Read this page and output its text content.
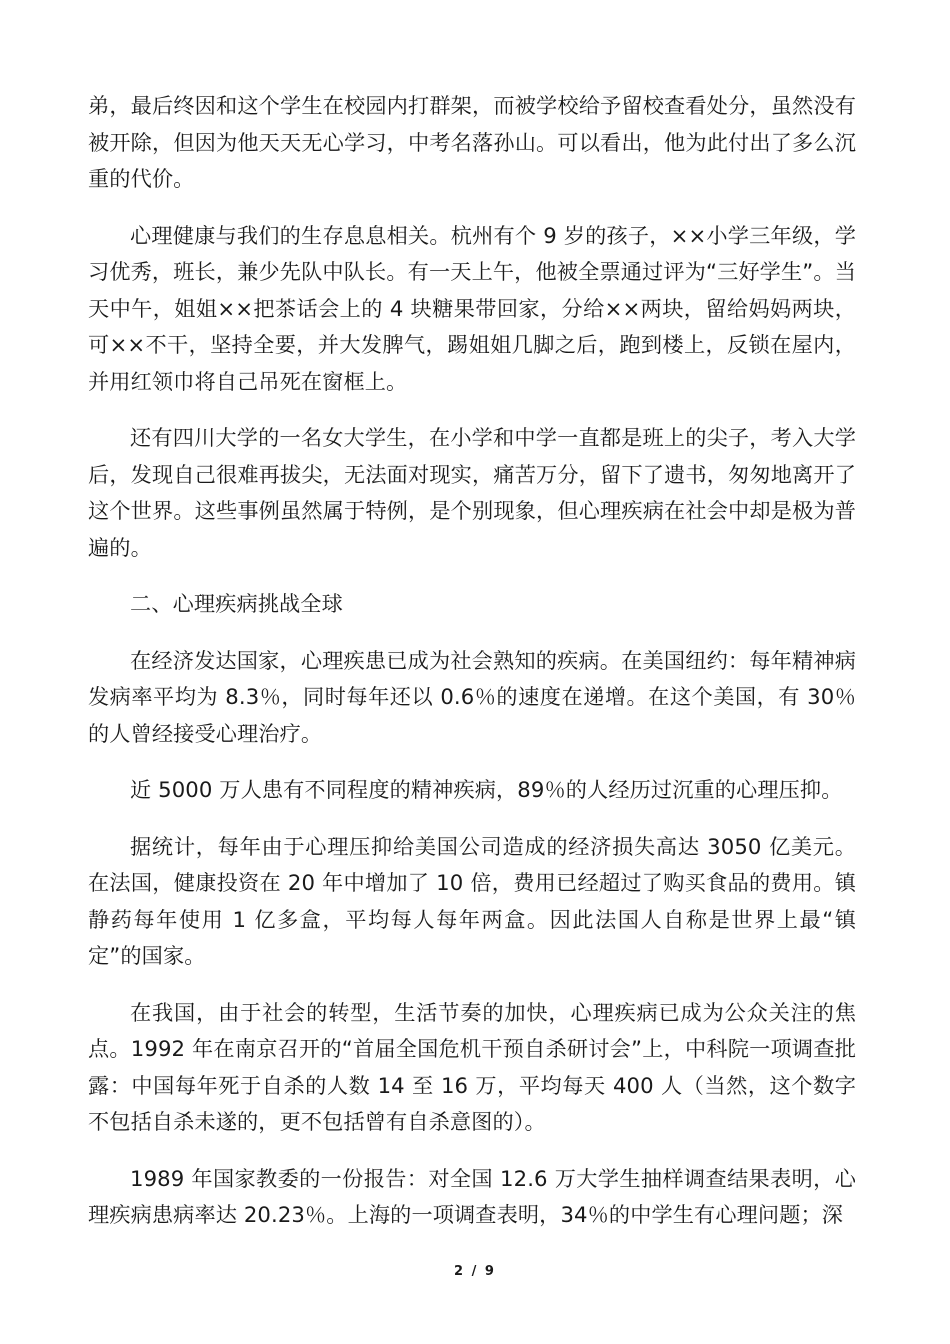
弟，最后终因和这个学生在校园内打群架，而被学校给予留校查看处分，虽然没有被开除，但因为他天天无心学习，中考名落孙山。可以看出，他为此付出了多么沉重的代价。

心理健康与我们的生存息息相关。杭州有个 9 岁的孩子，××小学三年级，学习优秀，班长，兼少先队中队长。有一天上午，他被全票通过评为“三好学生”。当天中午，姐姐××把茶话会上的 4 块糖果带回家，分给××两块，留给妈妈两块，可××不干，坚持全要，并大发脾气，踢姐姐几脚之后，跑到楼上，反锁在屋内，并用红领巾将自己吊死在窗框上。

还有四川大学的一名女大学生，在小学和中学一直都是班上的尖子，考入大学后，发现自己很难再拔尖，无法面对现实，痛苦万分，留下了遗书，匆匆地离开了这个世界。这些事例虽然属于特例，是个别现象，但心理疾病在社会中却是极为普遍的。

二、心理疾病挑战全球

在经济发达国家，心理疾患已成为社会熟知的疾病。在美国纽约：每年精神病发病率平均为 8.3％，同时每年还以 0.6％的速度在递增。在这个美国，有 30％的人曾经接受心理治疗。

近 5000 万人患有不同程度的精神疾病，89％的人经历过沉重的心理压抑。

据统计，每年由于心理压抑给美国公司造成的经济损失高达 3050 亿美元。在法国，健康投资在 20 年中增加了 10 倍，费用已经超过了购买食品的费用。镇静药每年使用 1 亿多盒，平均每人每年两盒。因此法国人自称是世界上最“镇定”的国家。

在我国，由于社会的转型，生活节奏的加快，心理疾病已成为公众关注的焦点。1992 年在南京召开的“首届全国危机干预自杀研讨会”上，中科院一项调查批露：中国每年死于自杀的人数 14 至 16 万，平均每天 400 人（当然，这个数字不包括自杀未遂的，更不包括曾有自杀意图的）。

1989 年国家教委的一份报告：对全国 12.6 万大学生抽样调查结果表明，心理疾病患病率达 20.23％。上海的一项调查表明，34％的中学生有心理问题；深

2 / 9
